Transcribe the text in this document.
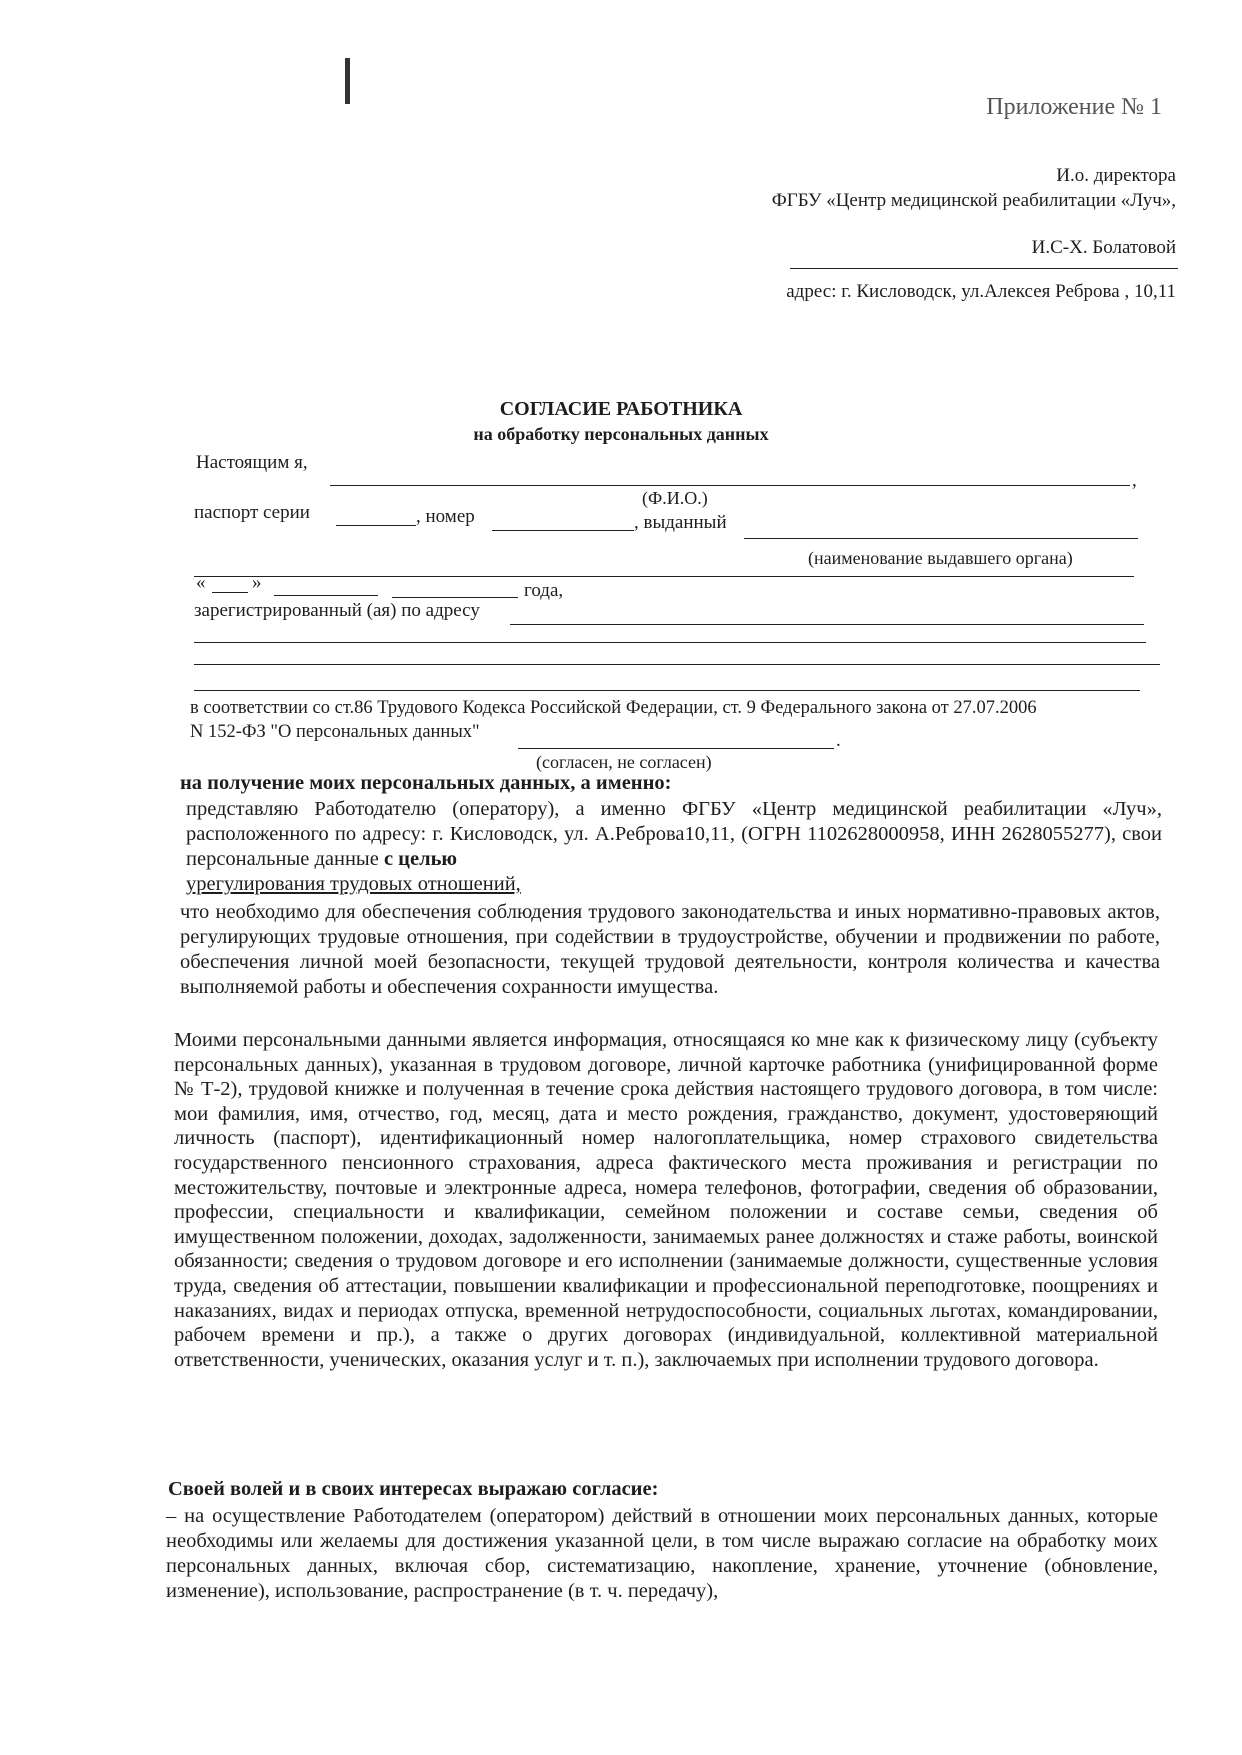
Приложение № 1
И.о. директора
ФГБУ «Центр медицинской реабилитации «Луч»,
И.С-Х. Болатовой
адрес: г. Кисловодск, ул.Алексея Реброва , 10,11
СОГЛАСИЕ РАБОТНИКА
на обработку персональных данных
Настоящим я,
,
(Ф.И.О.)
паспорт серии	, номер	, выданный
(наименование выдавшего органа)
« »	года,
зарегистрированный (ая) по адресу
в соответствии со ст.86 Трудового Кодекса Российской Федерации, ст. 9 Федерального закона от 27.07.2006
N 152-ФЗ "О персональных данных"	.
(согласен, не согласен)
на получение моих персональных данных, а именно:
представляю Работодателю (оператору), а именно ФГБУ «Центр медицинской реабилитации «Луч», расположенного по адресу: г. Кисловодск, ул. А.Реброва10,11, (ОГРН 1102628000958, ИНН 2628055277), свои персональные данные с целью
урегулирования трудовых отношений,
что необходимо для обеспечения соблюдения трудового законодательства и иных нормативно-правовых актов, регулирующих трудовые отношения, при содействии в трудоустройстве, обучении и продвижении по работе, обеспечения личной моей безопасности, текущей трудовой деятельности, контроля количества и качества выполняемой работы и обеспечения сохранности имущества.
Моими персональными данными является информация, относящаяся ко мне как к физическому лицу (субъекту персональных данных), указанная в трудовом договоре, личной карточке работника (унифицированной форме № Т-2), трудовой книжке и полученная в течение срока действия настоящего трудового договора, в том числе: мои фамилия, имя, отчество, год, месяц, дата и место рождения, гражданство, документ, удостоверяющий личность (паспорт), идентификационный номер налогоплательщика, номер страхового свидетельства государственного пенсионного страхования, адреса фактического места проживания и регистрации по местожительству, почтовые и электронные адреса, номера телефонов, фотографии, сведения об образовании, профессии, специальности и квалификации, семейном положении и составе семьи, сведения об имущественном положении, доходах, задолженности, занимаемых ранее должностях и стаже работы, воинской обязанности; сведения о трудовом договоре и его исполнении (занимаемые должности, существенные условия труда, сведения об аттестации, повышении квалификации и профессиональной переподготовке, поощрениях и наказаниях, видах и периодах отпуска, временной нетрудоспособности, социальных льготах, командировании, рабочем времени и пр.), а также о других договорах (индивидуальной, коллективной материальной ответственности, ученических, оказания услуг и т. п.), заключаемых при исполнении трудового договора.
Своей волей и в своих интересах выражаю согласие:
– на осуществление Работодателем (оператором) действий в отношении моих персональных данных, которые необходимы или желаемы для достижения указанной цели, в том числе выражаю согласие на обработку моих персональных данных, включая сбор, систематизацию, накопление, хранение, уточнение (обновление, изменение), использование, распространение (в т. ч. передачу),
